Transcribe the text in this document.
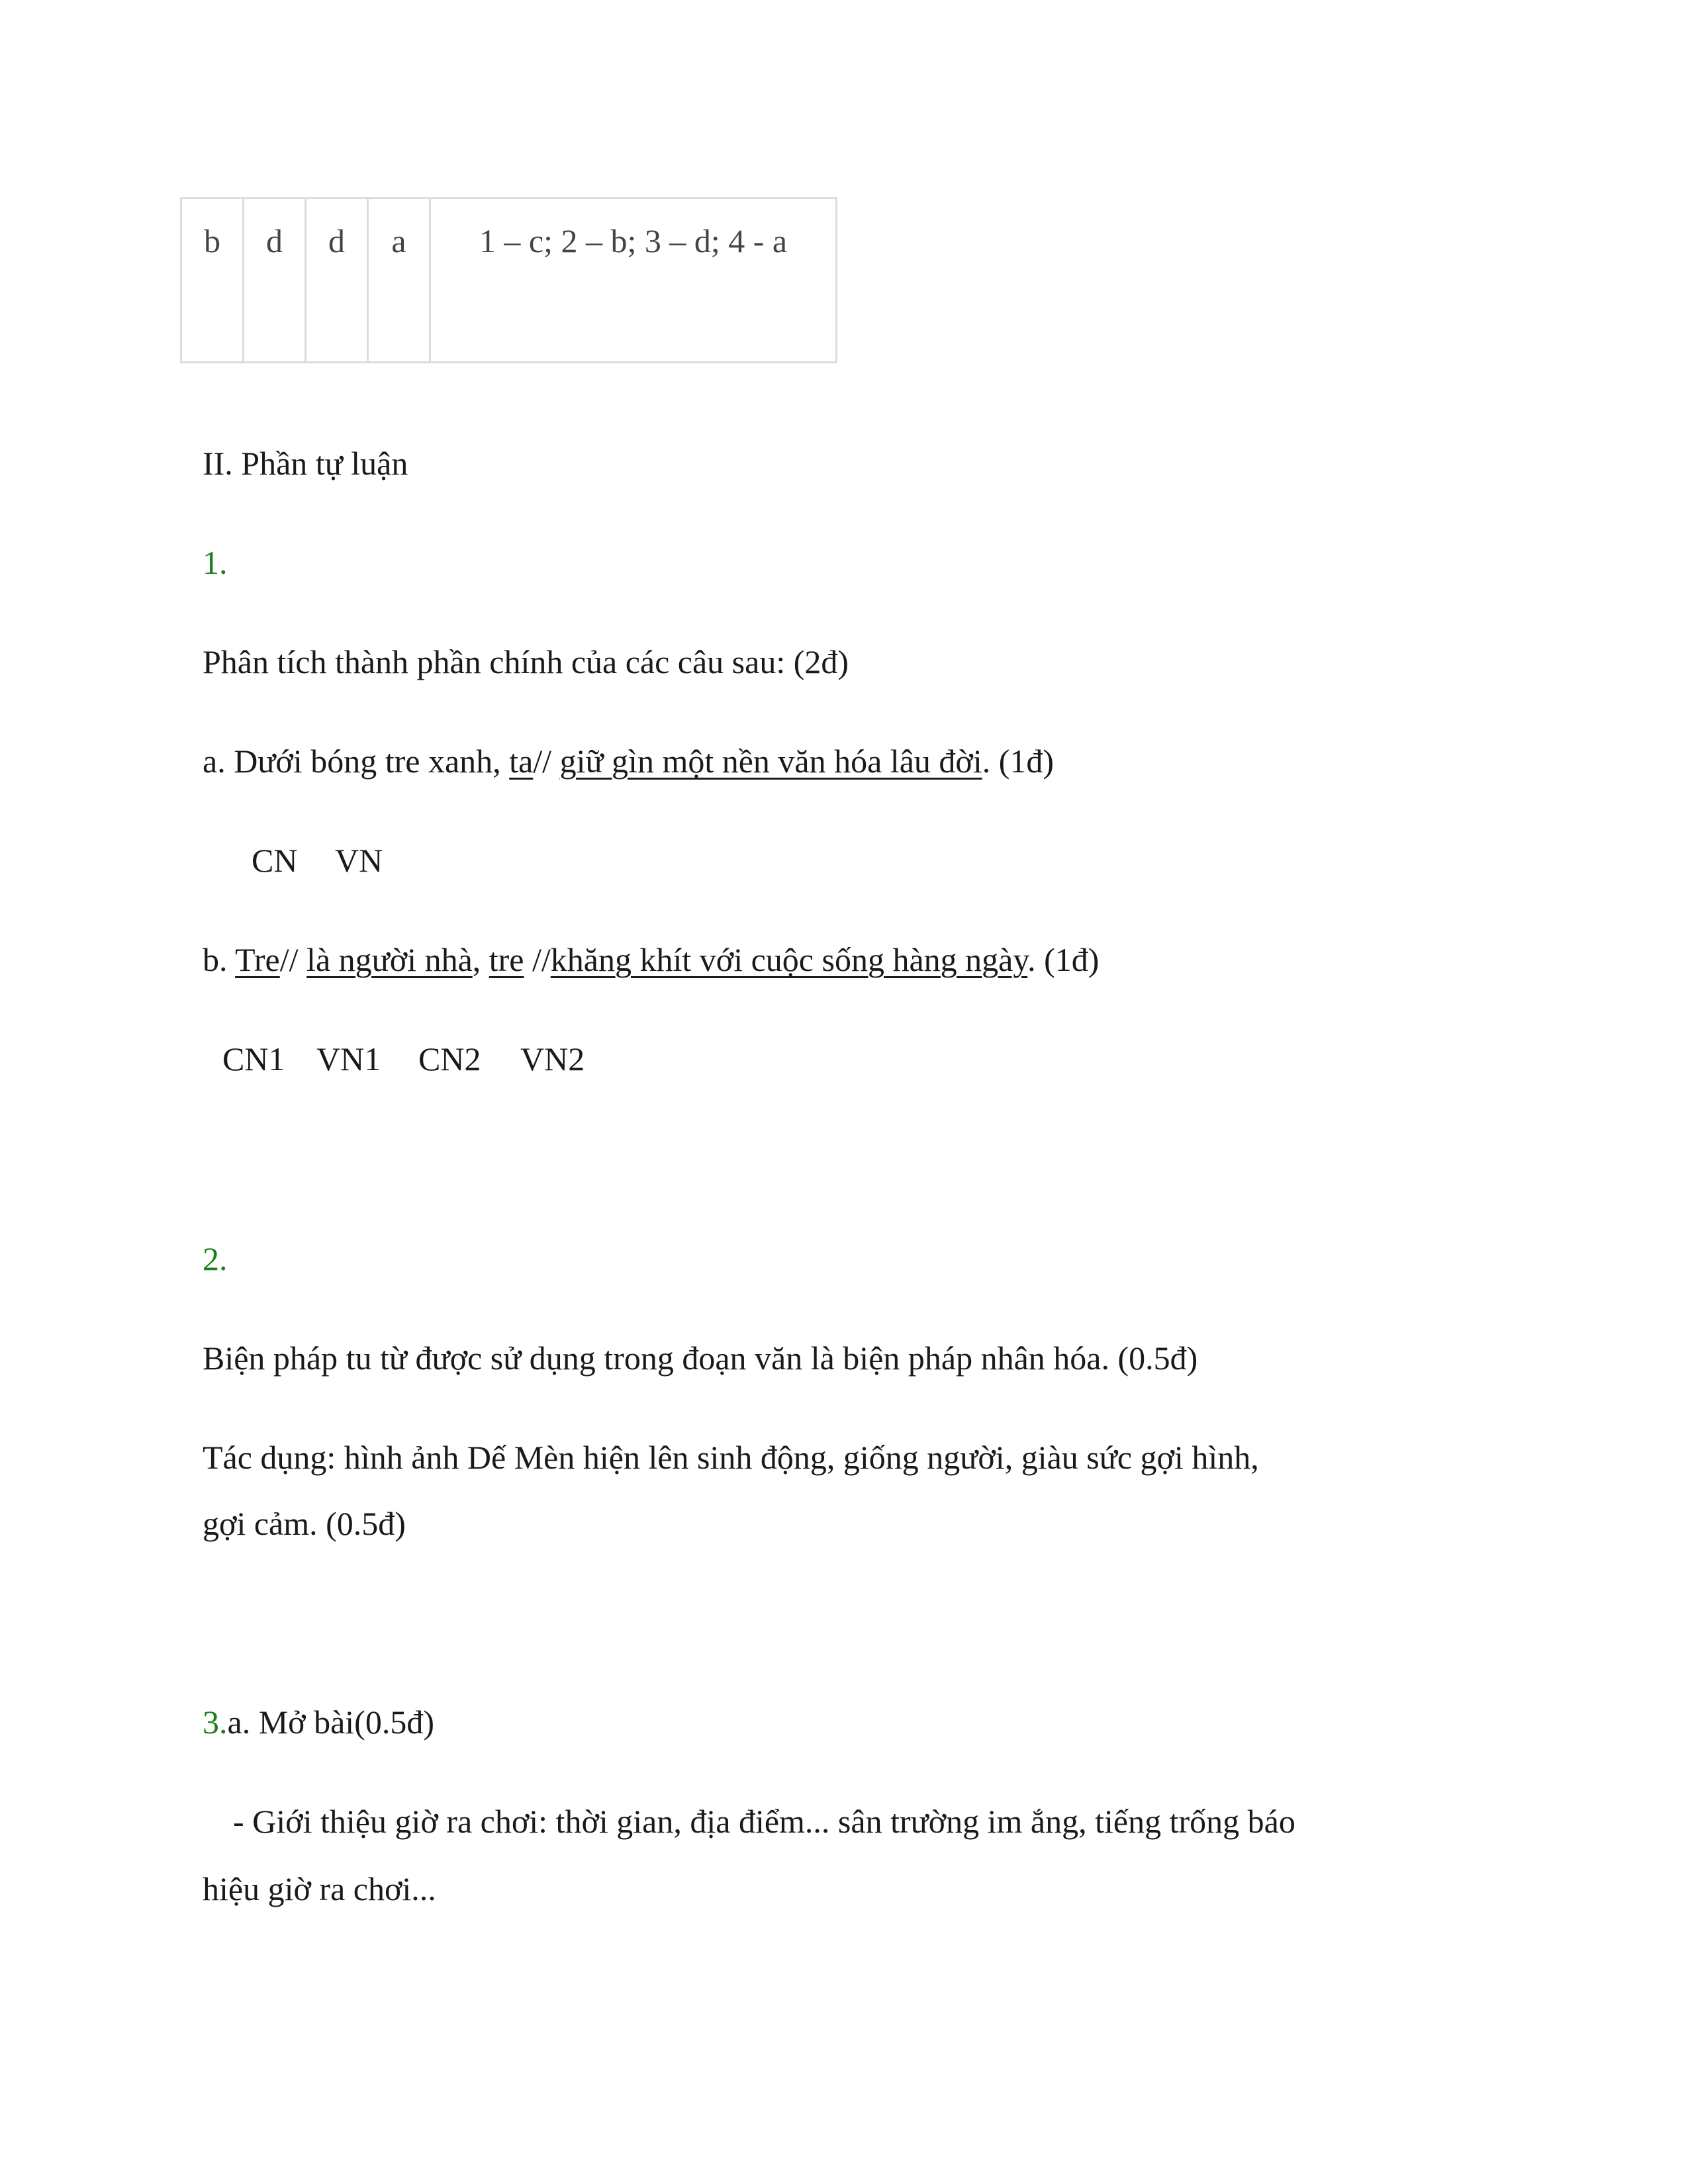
b	d	d	a	1 – c; 2 – b; 3 – d; 4 - a
II. Phần tự luận
1.
Phân tích thành phần chính của các câu sau: (2đ)
a. Dưới bóng tre xanh, ta// giữ gìn một nền văn hóa lâu đời. (1đ)
CN VN
b. Tre// là người nhà, tre //khăng khít với cuộc sống hàng ngày. (1đ)
CN1 VN1 CN2 VN2
2.
Biện pháp tu từ được sử dụng trong đoạn văn là biện pháp nhân hóa. (0.5đ)
Tác dụng: hình ảnh Dế Mèn hiện lên sinh động, giống người, giàu sức gợi hình,
gợi cảm. (0.5đ)
3.a. Mở bài(0.5đ)
- Giới thiệu giờ ra chơi: thời gian, địa điểm... sân trường im ắng, tiếng trống báo
hiệu giờ ra chơi...
